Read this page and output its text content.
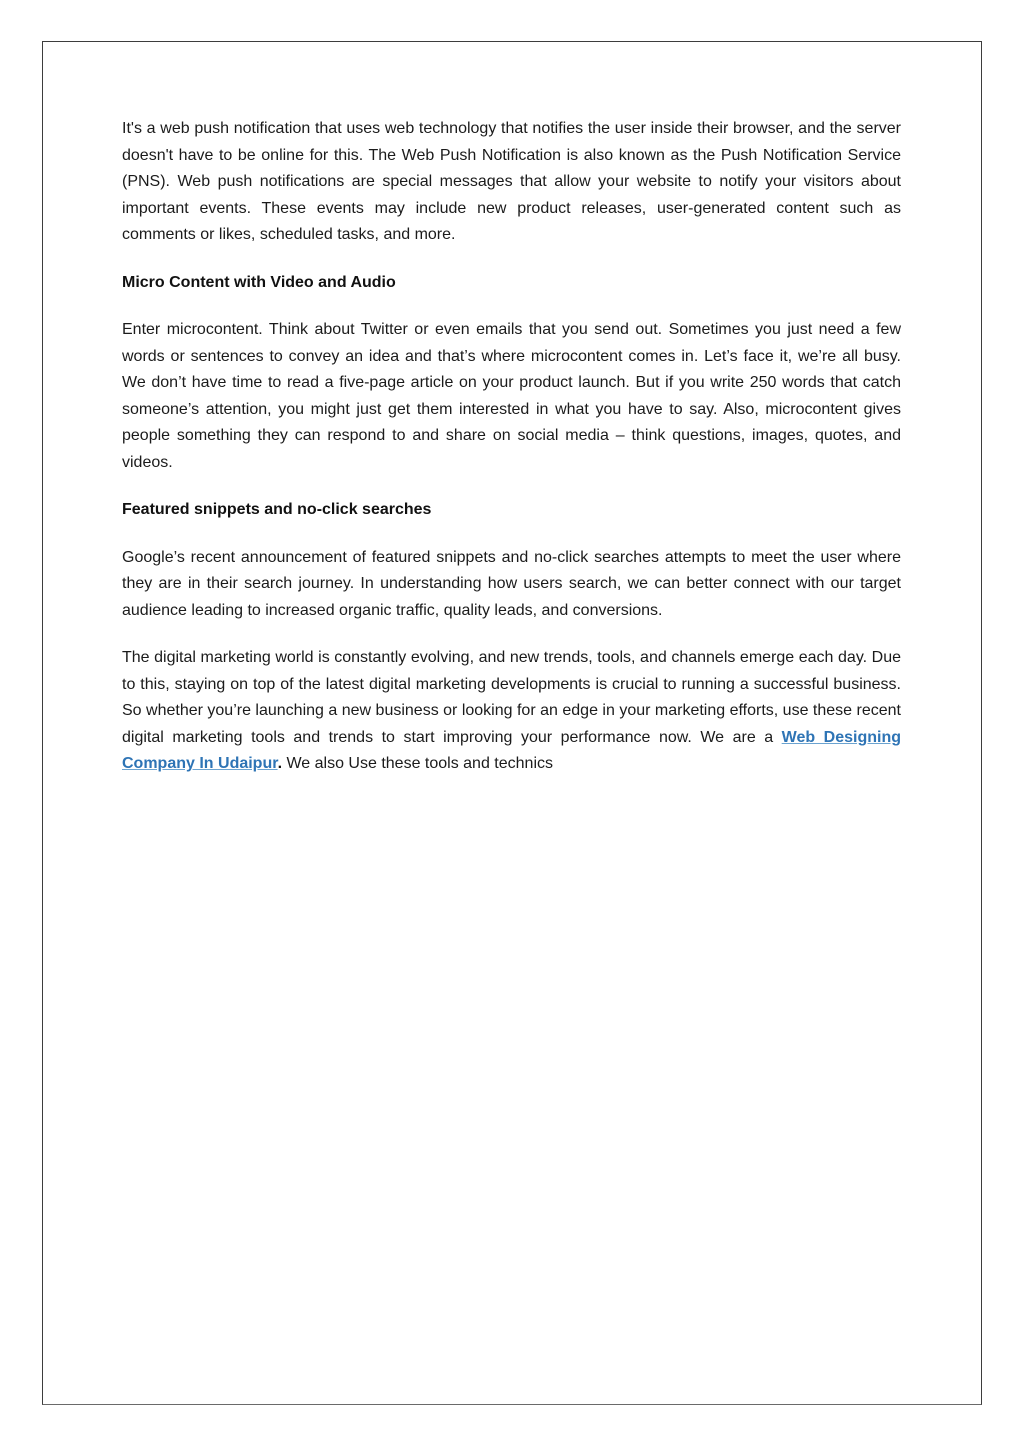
It's a web push notification that uses web technology that notifies the user inside their browser, and the server doesn't have to be online for this. The Web Push Notification is also known as the Push Notification Service (PNS). Web push notifications are special messages that allow your website to notify your visitors about important events. These events may include new product releases, user-generated content such as comments or likes, scheduled tasks, and more.

Micro Content with Video and Audio

Enter microcontent. Think about Twitter or even emails that you send out. Sometimes you just need a few words or sentences to convey an idea and that’s where microcontent comes in. Let’s face it, we’re all busy. We don’t have time to read a five-page article on your product launch. But if you write 250 words that catch someone’s attention, you might just get them interested in what you have to say. Also, microcontent gives people something they can respond to and share on social media – think questions, images, quotes, and videos.

Featured snippets and no-click searches

Google’s recent announcement of featured snippets and no-click searches attempts to meet the user where they are in their search journey. In understanding how users search, we can better connect with our target audience leading to increased organic traffic, quality leads, and conversions.

The digital marketing world is constantly evolving, and new trends, tools, and channels emerge each day. Due to this, staying on top of the latest digital marketing developments is crucial to running a successful business. So whether you’re launching a new business or looking for an edge in your marketing efforts, use these recent digital marketing tools and trends to start improving your performance now. We are a Web Designing Company In Udaipur. We also Use these tools and technics
